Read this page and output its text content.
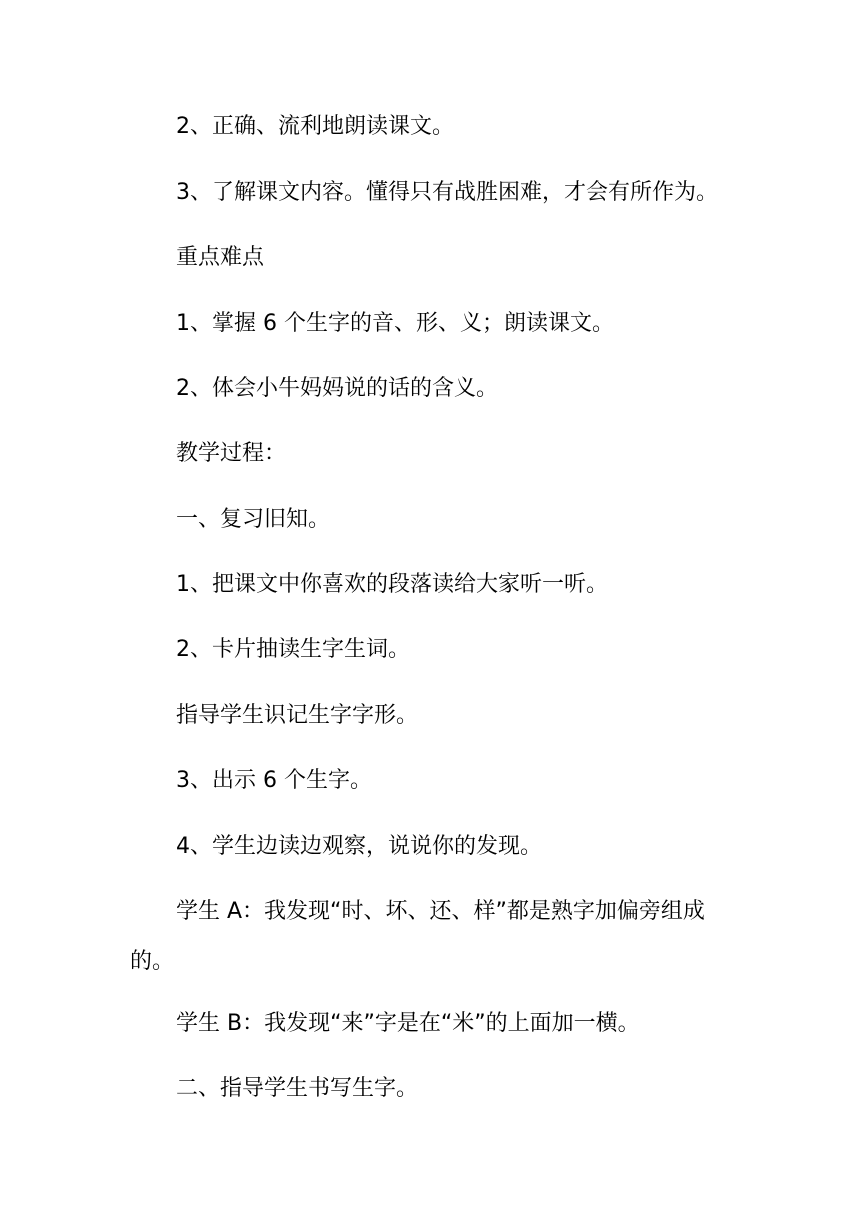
2、正确、流利地朗读课文。

3、了解课文内容。懂得只有战胜困难，才会有所作为。

重点难点

1、掌握 6 个生字的音、形、义；朗读课文。

2、体会小牛妈妈说的话的含义。

教学过程：

一、复习旧知。

1、把课文中你喜欢的段落读给大家听一听。

2、卡片抽读生字生词。

指导学生识记生字字形。

3、出示 6 个生字。

4、学生边读边观察，说说你的发现。

学生 A：我发现“时、坏、还、样”都是熟字加偏旁组成的。

学生 B：我发现“来”字是在“米”的上面加一横。

二、指导学生书写生字。
